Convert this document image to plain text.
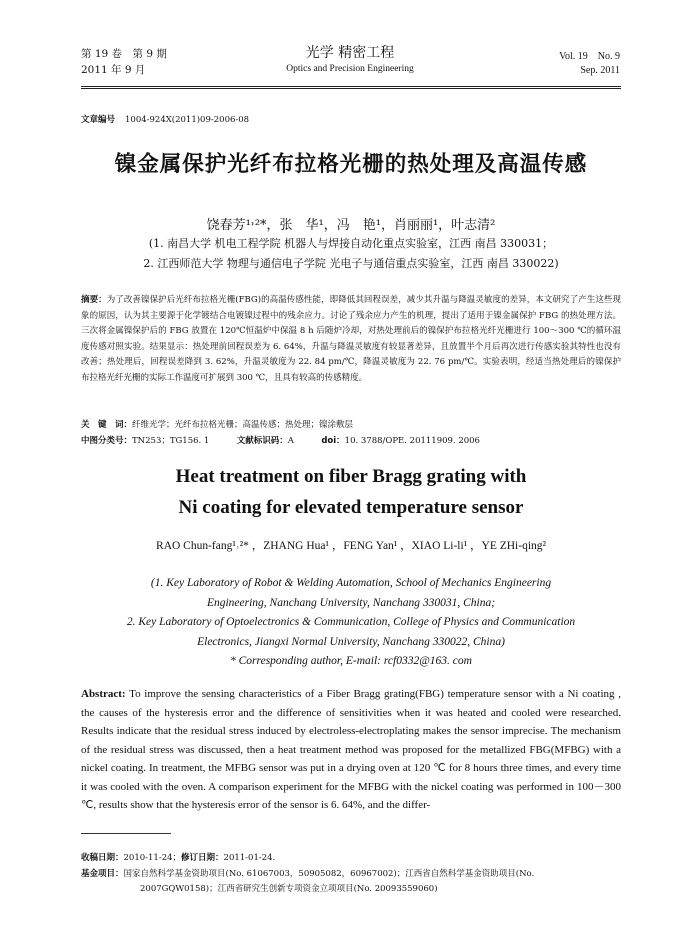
第 19 卷　第 9 期
2011 年 9 月
光学 精密工程
Optics and Precision Engineering
Vol. 19　No. 9
Sep. 2011
文章编号 1004-924X(2011)09-2006-08
镍金属保护光纤布拉格光栅的热处理及高温传感
饶春芳¹˒²*，张　华¹，冯　艳¹，肖丽丽¹，叶志清²
(1. 南昌大学 机电工程学院 机器人与焊接自动化重点实验室，江西 南昌 330031；
2. 江西师范大学 物理与通信电子学院 光电子与通信重点实验室，江西 南昌 330022)
摘要：为了改善镍保护后光纤布拉格光栅(FBG)的高温传感性能，即降低其回程误差，减少其升温与降温灵敏度的差异，本文研究了产生这些现象的原因，认为其主要源于化学镀结合电镀镍过程中的残余应力。讨论了残余应力产生的机理，提出了适用于镍金属保护 FBG 的热处理方法。三次将金属镍保护后的 FBG 放置在 120℃恒温炉中保温 8 h 后随炉冷却，对热处理前后的镍保护布拉格光纤光栅进行 100～300 ℃的循环温度传感对照实验。结果显示：热处理前回程误差为 6. 64%，升温与降温灵敏度有较显著差异，且放置半个月后再次进行传感实验其特性也没有改善；热处理后，回程误差降到 3. 62%，升温灵敏度为 22. 84 pm/℃，降温灵敏度为 22. 76 pm/℃。实验表明，经适当热处理后的镍保护布拉格光纤光栅的实际工作温度可扩展到 300 ℃，且具有较高的传感精度。
关　键　词：纤维光学；光纤布拉格光栅；高温传感；热处理；镍涂敷层
中图分类号：TN253；TG156. 1	文献标识码：A	doi：10. 3788/OPE. 20111909. 2006
Heat treatment on fiber Bragg grating with
Ni coating for elevated temperature sensor
RAO Chun-fang¹˒²* ，ZHANG Hua¹ ，FENG Yan¹ ，XIAO Li-li¹ ，YE ZHi-qing²
(1. Key Laboratory of Robot & Welding Automation, School of Mechanics Engineering
Engineering, Nanchang University, Nanchang 330031, China;
2. Key Laboratory of Optoelectronics & Communication, College of Physics and Communication
Electronics, Jiangxi Normal University, Nanchang 330022, China)
* Corresponding author, E-mail: rcf0332@163. com
Abstract: To improve the sensing characteristics of a Fiber Bragg grating(FBG) temperature sensor with a Ni coating , the causes of the hysteresis error and the difference of sensitivities when it was heated and cooled were researched. Results indicate that the residual stress induced by electroless-electroplating makes the sensor imprecise. The mechanism of the residual stress was discussed, then a heat treatment method was proposed for the metallized FBG(MFBG) with a nickel coating. In treatment, the MFBG sensor was put in a drying oven at 120 ℃ for 8 hours three times, and every time it was cooled with the oven. A comparison experiment for the MFBG with the nickel coating was performed in 100－300 ℃, results show that the hysteresis error of the sensor is 6. 64%, and the differ-
收稿日期：2010-11-24；修订日期：2011-01-24.
基金项目：国家自然科学基金资助项目(No. 61067003，50905082，60967002)；江西省自然科学基金资助项目(No.
2007GQW0158)；江西省研究生创新专项资金立项项目(No. 20093559060)
